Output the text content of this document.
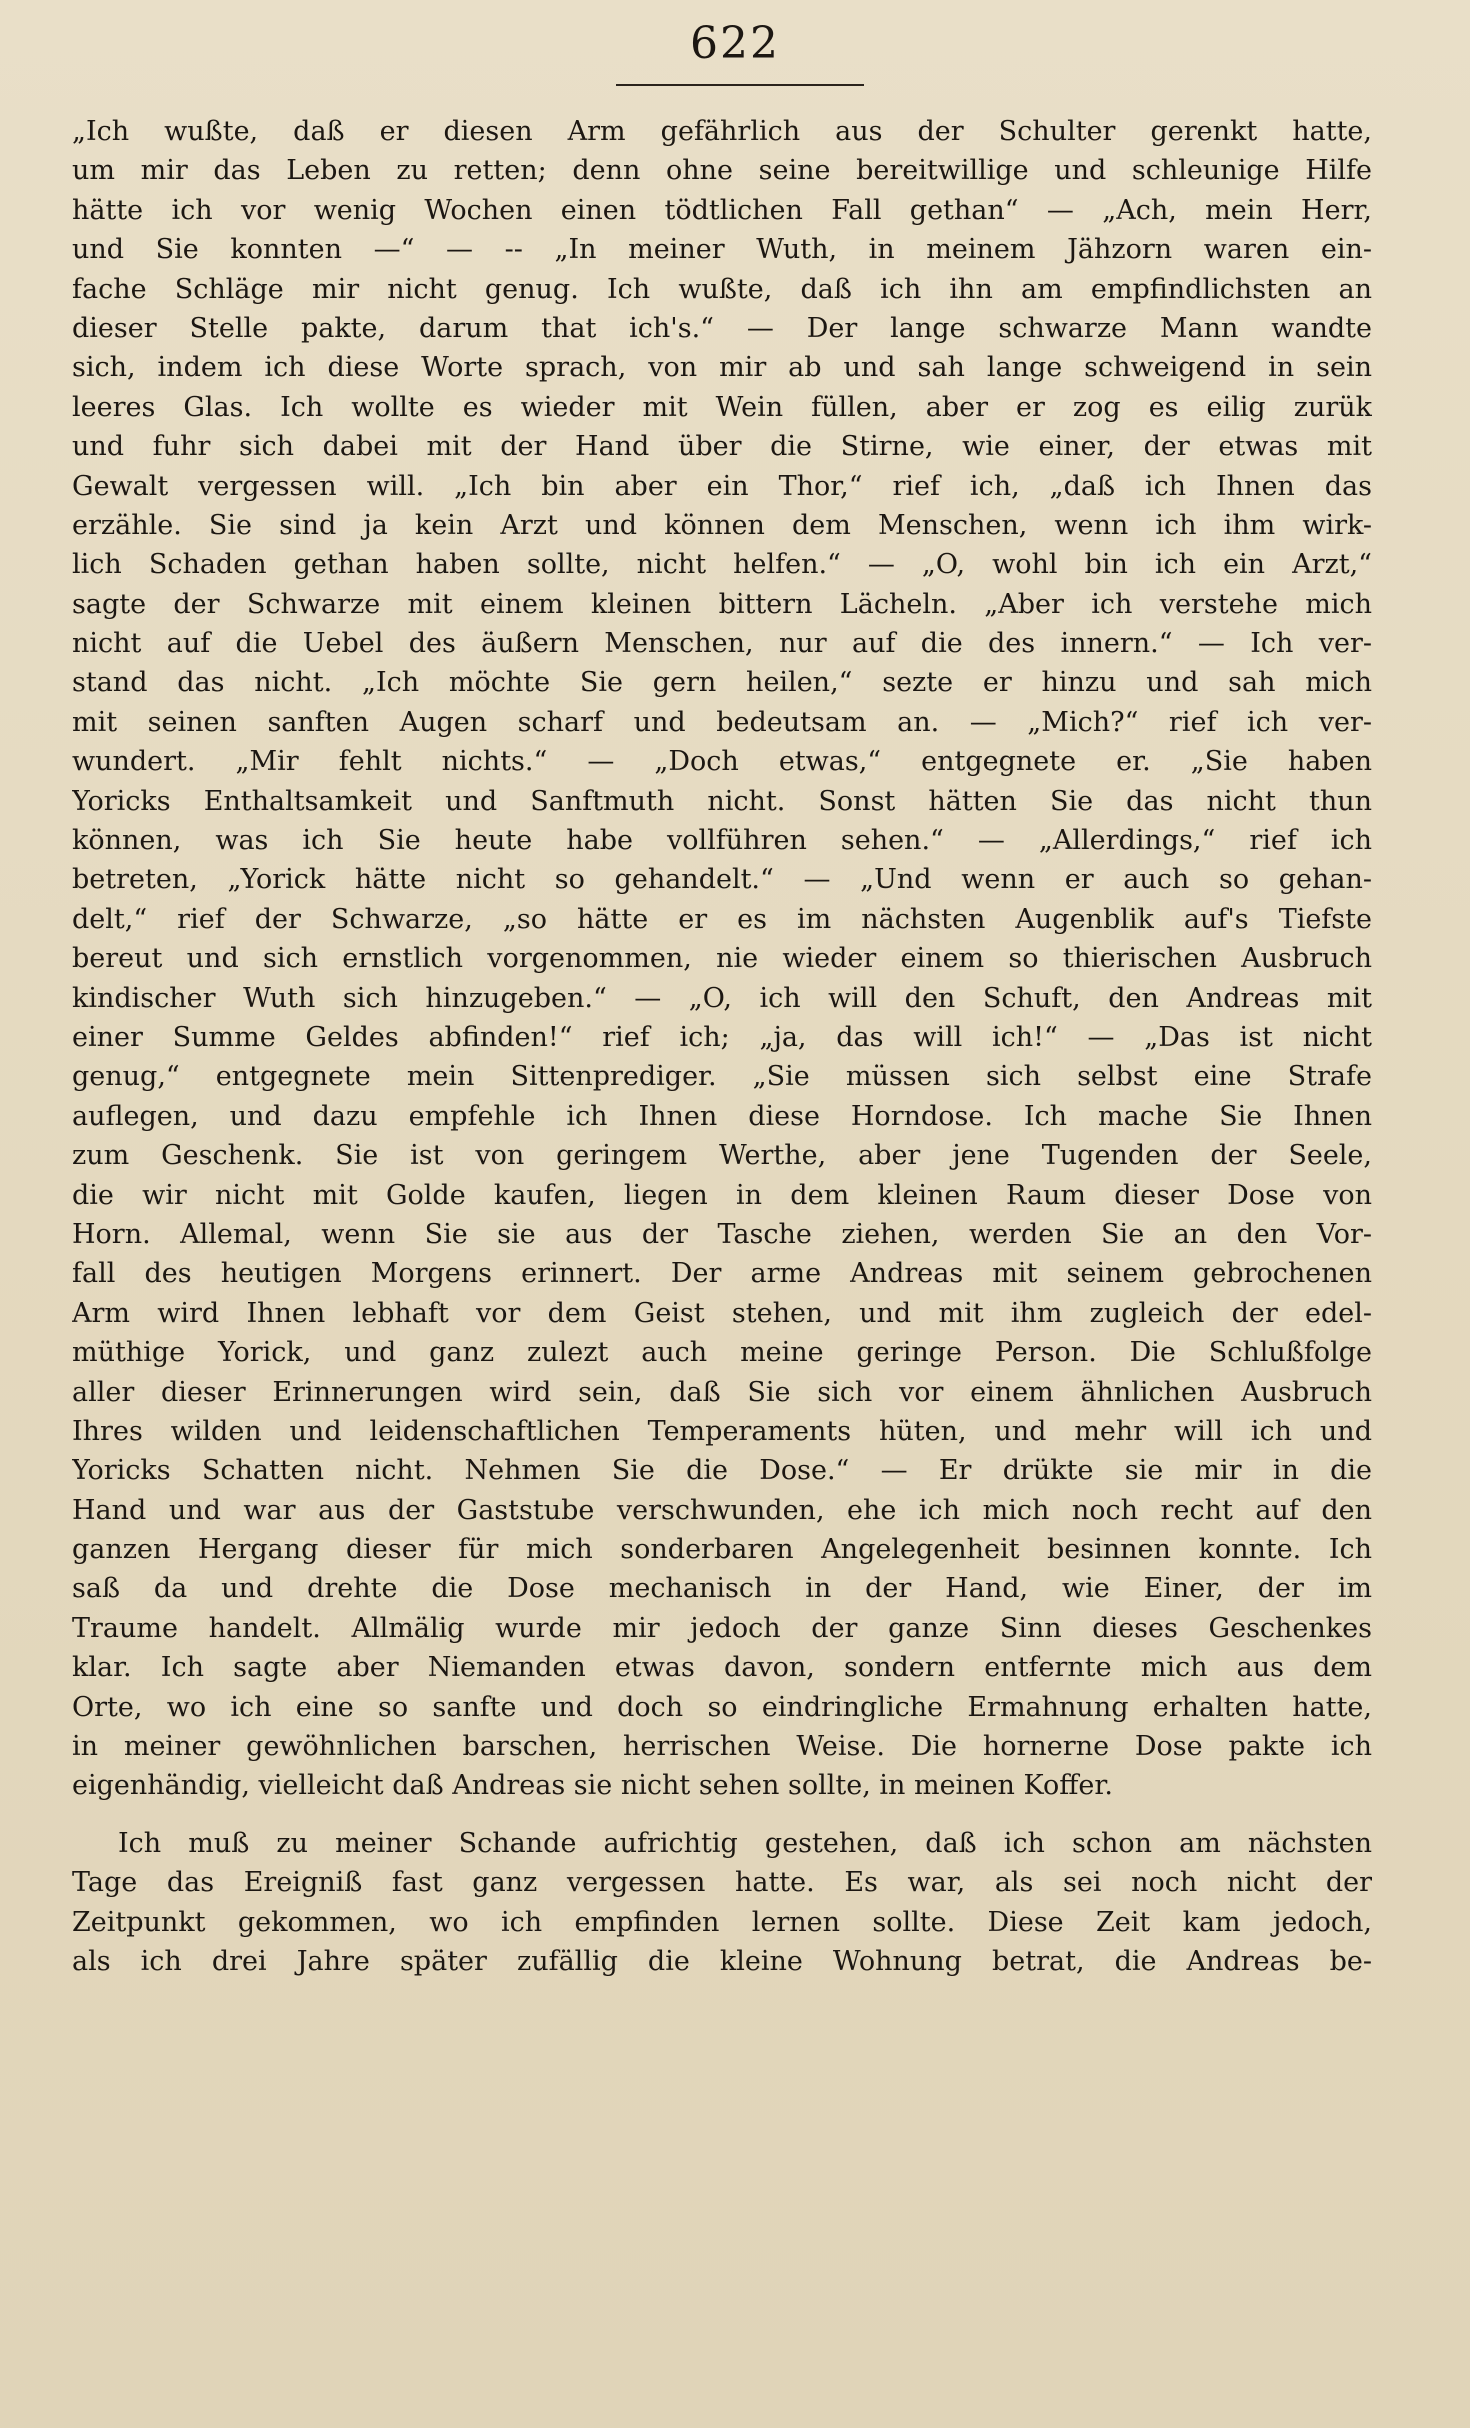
622
„Ich wußte, daß er diesen Arm gefährlich aus der Schulter gerenkt hatte,
um mir das Leben zu retten; denn ohne seine bereitwillige und schleunige Hilfe
hätte ich vor wenig Wochen einen tödtlichen Fall gethan“ — „Ach, mein Herr,
und Sie konnten —“ — -- „In meiner Wuth, in meinem Jähzorn waren ein-
fache Schläge mir nicht genug. Ich wußte, daß ich ihn am empfindlichsten an
dieser Stelle pakte, darum that ich's.“ — Der lange schwarze Mann wandte
sich, indem ich diese Worte sprach, von mir ab und sah lange schweigend in sein
leeres Glas. Ich wollte es wieder mit Wein füllen, aber er zog es eilig zurük
und fuhr sich dabei mit der Hand über die Stirne, wie einer, der etwas mit
Gewalt vergessen will. „Ich bin aber ein Thor,“ rief ich, „daß ich Ihnen das
erzähle. Sie sind ja kein Arzt und können dem Menschen, wenn ich ihm wirk-
lich Schaden gethan haben sollte, nicht helfen.“ — „O, wohl bin ich ein Arzt,“
sagte der Schwarze mit einem kleinen bittern Lächeln. „Aber ich verstehe mich
nicht auf die Uebel des äußern Menschen, nur auf die des innern.“ — Ich ver-
stand das nicht. „Ich möchte Sie gern heilen,“ sezte er hinzu und sah mich
mit seinen sanften Augen scharf und bedeutsam an. — „Mich?“ rief ich ver-
wundert. „Mir fehlt nichts.“ — „Doch etwas,“ entgegnete er. „Sie haben
Yoricks Enthaltsamkeit und Sanftmuth nicht. Sonst hätten Sie das nicht thun
können, was ich Sie heute habe vollführen sehen.“ — „Allerdings,“ rief ich
betreten, „Yorick hätte nicht so gehandelt.“ — „Und wenn er auch so gehan-
delt,“ rief der Schwarze, „so hätte er es im nächsten Augenblik auf's Tiefste
bereut und sich ernstlich vorgenommen, nie wieder einem so thierischen Ausbruch
kindischer Wuth sich hinzugeben.“ — „O, ich will den Schuft, den Andreas mit
einer Summe Geldes abfinden!“ rief ich; „ja, das will ich!“ — „Das ist nicht
genug,“ entgegnete mein Sittenprediger. „Sie müssen sich selbst eine Strafe
auflegen, und dazu empfehle ich Ihnen diese Horndose. Ich mache Sie Ihnen
zum Geschenk. Sie ist von geringem Werthe, aber jene Tugenden der Seele,
die wir nicht mit Golde kaufen, liegen in dem kleinen Raum dieser Dose von
Horn. Allemal, wenn Sie sie aus der Tasche ziehen, werden Sie an den Vor-
fall des heutigen Morgens erinnert. Der arme Andreas mit seinem gebrochenen
Arm wird Ihnen lebhaft vor dem Geist stehen, und mit ihm zugleich der edel-
müthige Yorick, und ganz zulezt auch meine geringe Person. Die Schlußfolge
aller dieser Erinnerungen wird sein, daß Sie sich vor einem ähnlichen Ausbruch
Ihres wilden und leidenschaftlichen Temperaments hüten, und mehr will ich und
Yoricks Schatten nicht. Nehmen Sie die Dose.“ — Er drükte sie mir in die
Hand und war aus der Gaststube verschwunden, ehe ich mich noch recht auf den
ganzen Hergang dieser für mich sonderbaren Angelegenheit besinnen konnte. Ich
saß da und drehte die Dose mechanisch in der Hand, wie Einer, der im
Traume handelt. Allmälig wurde mir jedoch der ganze Sinn dieses Geschenkes
klar. Ich sagte aber Niemanden etwas davon, sondern entfernte mich aus dem
Orte, wo ich eine so sanfte und doch so eindringliche Ermahnung erhalten hatte,
in meiner gewöhnlichen barschen, herrischen Weise. Die hornerne Dose pakte ich
eigenhändig, vielleicht daß Andreas sie nicht sehen sollte, in meinen Koffer.
Ich muß zu meiner Schande aufrichtig gestehen, daß ich schon am nächsten
Tage das Ereigniß fast ganz vergessen hatte. Es war, als sei noch nicht der
Zeitpunkt gekommen, wo ich empfinden lernen sollte. Diese Zeit kam jedoch,
als ich drei Jahre später zufällig die kleine Wohnung betrat, die Andreas be-
